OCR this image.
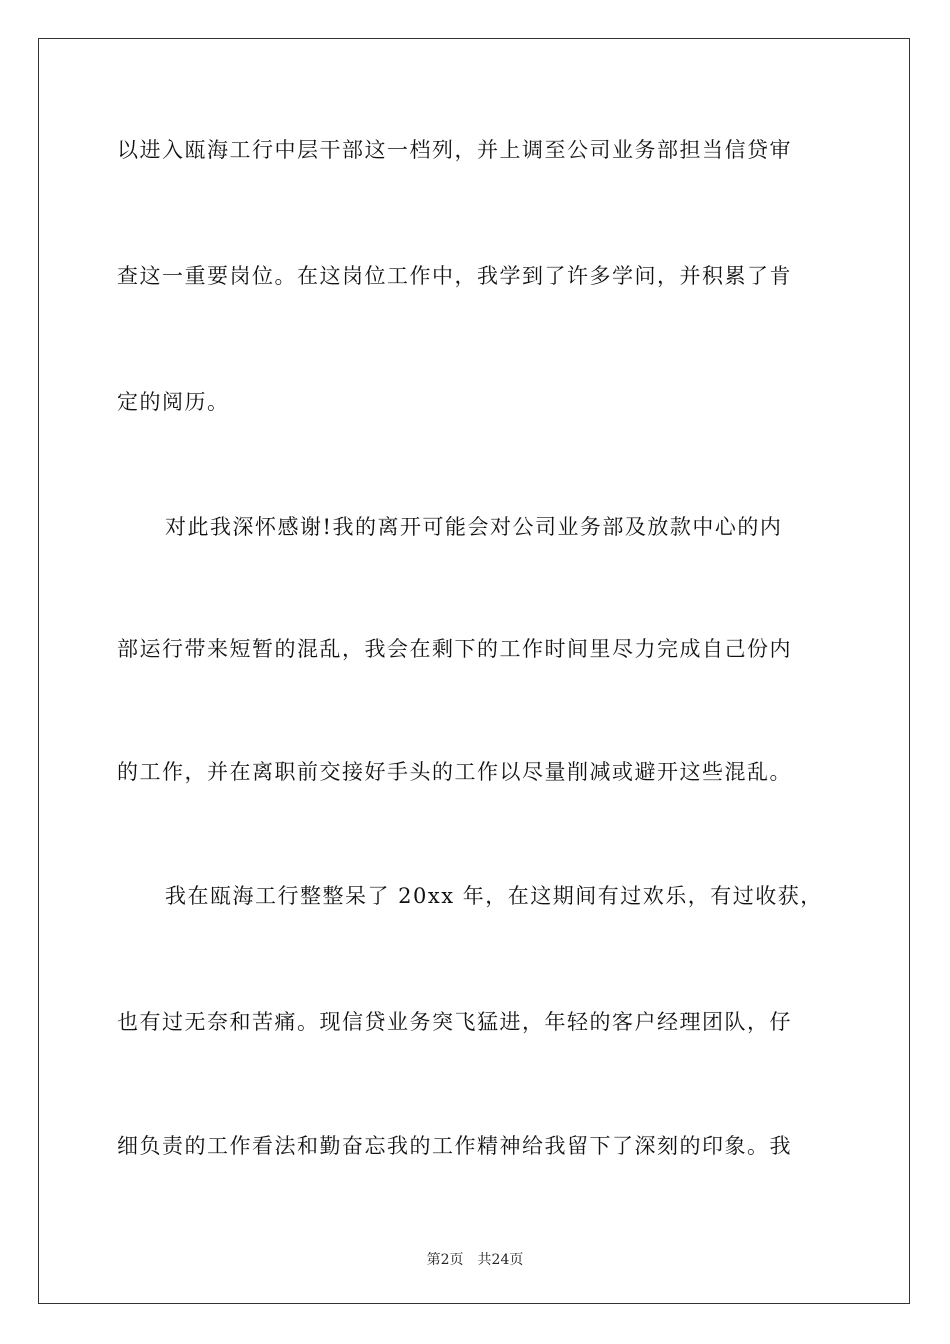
以进入瓯海工行中层干部这一档列，并上调至公司业务部担当信贷审
查这一重要岗位。在这岗位工作中，我学到了许多学问，并积累了肯
定的阅历。
对此我深怀感谢!我的离开可能会对公司业务部及放款中心的内
部运行带来短暂的混乱，我会在剩下的工作时间里尽力完成自己份内
的工作，并在离职前交接好手头的工作以尽量削减或避开这些混乱。
我在瓯海工行整整呆了 20xx 年，在这期间有过欢乐，有过收获，
也有过无奈和苦痛。现信贷业务突飞猛进，年轻的客户经理团队，仔
细负责的工作看法和勤奋忘我的工作精神给我留下了深刻的印象。我
第2页 共24页
